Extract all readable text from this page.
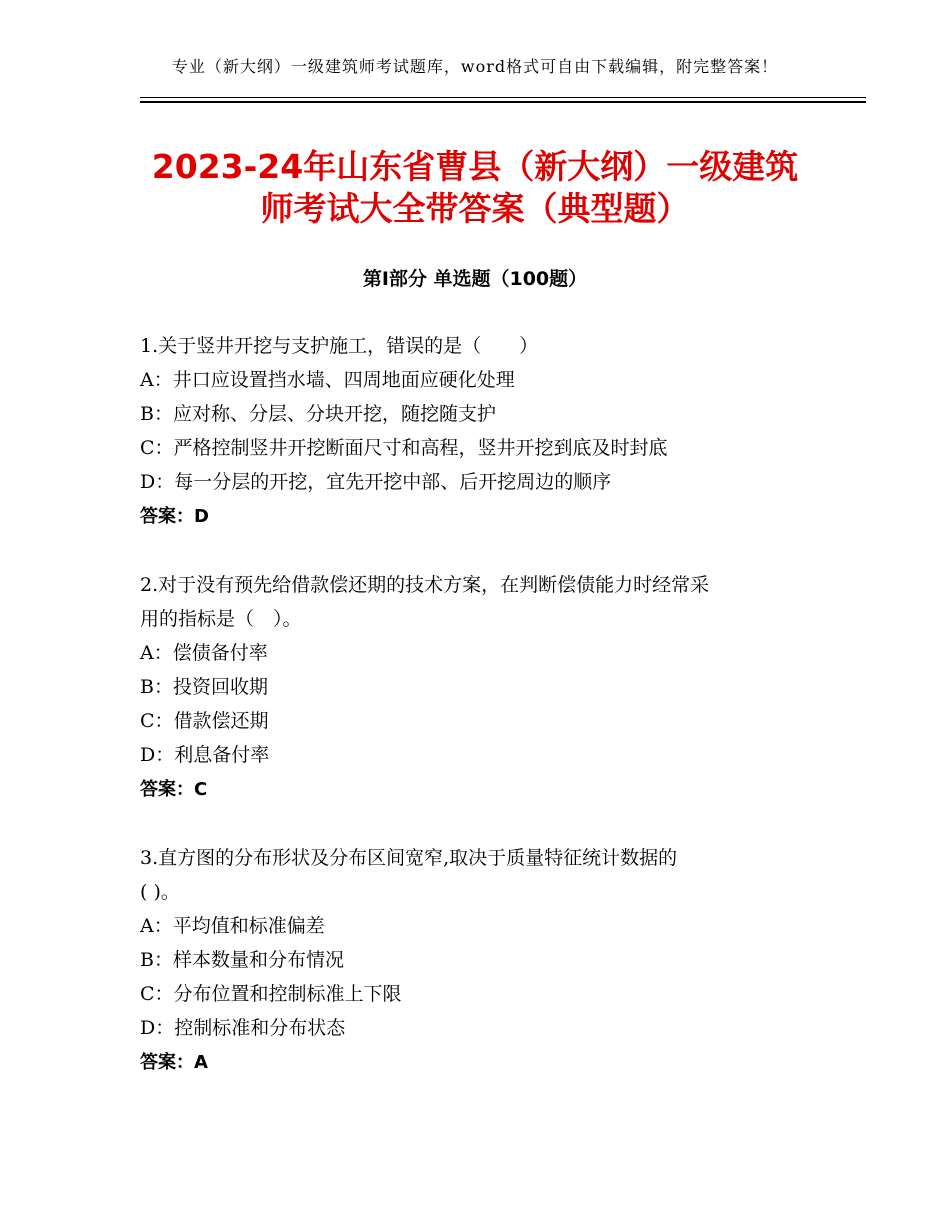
专业（新大纲）一级建筑师考试题库，word格式可自由下载编辑，附完整答案！
2023-24年山东省曹县（新大纲）一级建筑
师考试大全带答案（典型题）
第Ⅰ部分 单选题（100题）
1.关于竖井开挖与支护施工，错误的是（　　）
A：井口应设置挡水墙、四周地面应硬化处理
B：应对称、分层、分块开挖，随挖随支护
C：严格控制竖井开挖断面尺寸和高程，竖井开挖到底及时封底
D：每一分层的开挖，宜先开挖中部、后开挖周边的顺序
答案：D
2.对于没有预先给借款偿还期的技术方案，在判断偿债能力时经常采
用的指标是（　）。
A：偿债备付率
B：投资回收期
C：借款偿还期
D：利息备付率
答案：C
3.直方图的分布形状及分布区间宽窄,取决于质量特征统计数据的
( )。
A：平均值和标准偏差
B：样本数量和分布情况
C：分布位置和控制标准上下限
D：控制标准和分布状态
答案：A
